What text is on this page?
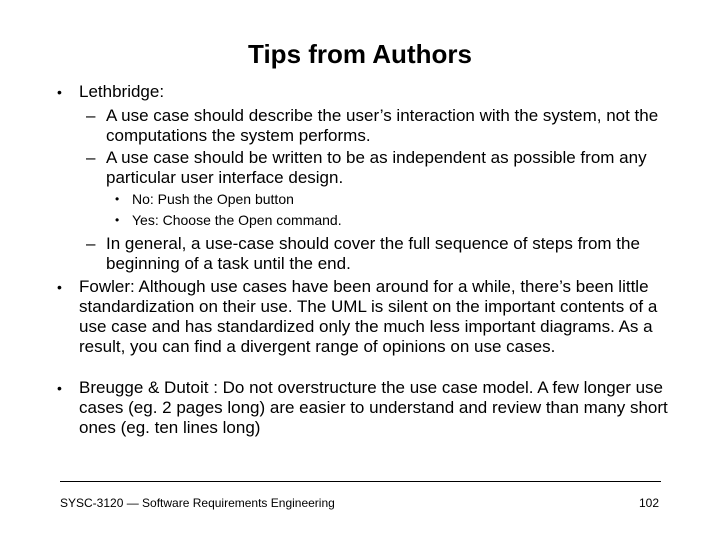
Tips from Authors
• Lethbridge:
– A use case should describe the user’s interaction with the system, not the computations the system performs.
– A use case should be written to be as independent as possible from any particular user interface design.
• No: Push the Open button
• Yes: Choose the Open command.
– In general, a use-case should cover the full sequence of steps from the beginning of a task until the end.
• Fowler: Although use cases have been around for a while, there’s been little standardization on their use. The UML is silent on the important contents of a use case and has standardized only the much less important diagrams. As a result, you can find a divergent range of opinions on use cases.
• Breugge & Dutoit : Do not overstructure the use case model. A few longer use cases (eg. 2 pages long) are easier to understand and review than many short ones (eg. ten lines long)
SYSC-3120 — Software Requirements Engineering	102
